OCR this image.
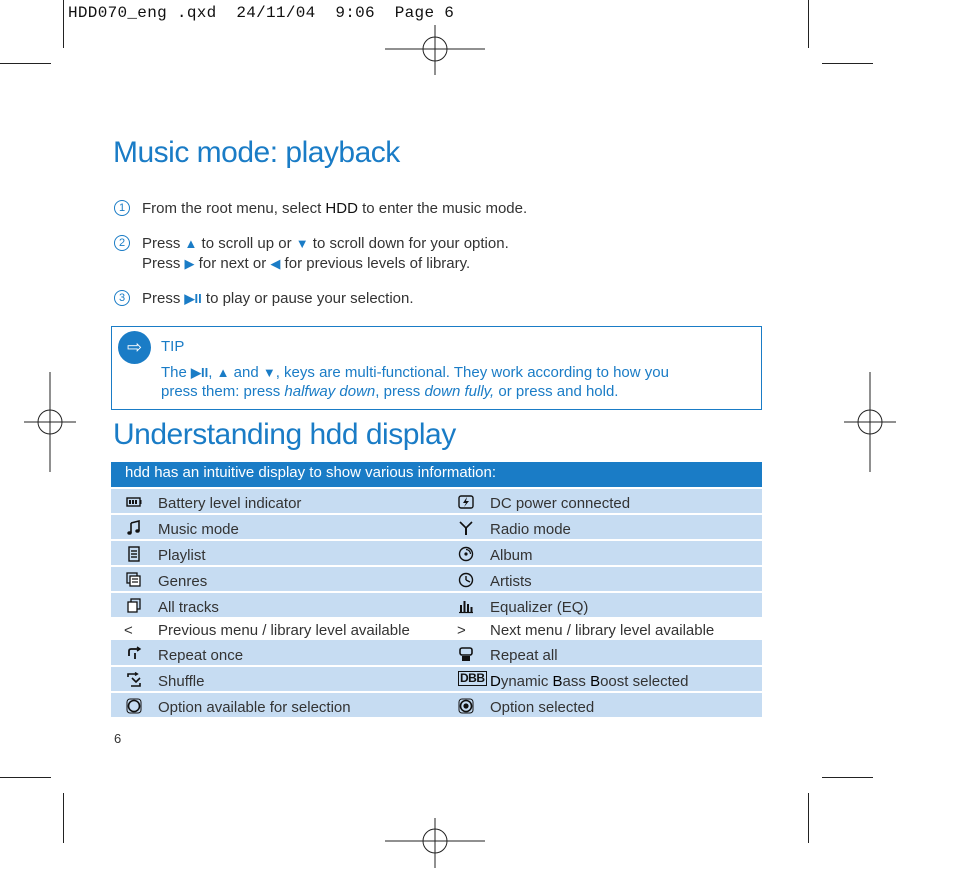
HDD070_eng .qxd  24/11/04  9:06  Page 6
Music mode: playback
1 From the root menu, select HDD to enter the music mode.
2 Press ▲ to scroll up or ▼ to scroll down for your option.
Press ▶ for next or ◀ for previous levels of library.
3 Press ▶II to play or pause your selection.
⇨	TIP
The ▶II, ▲ and ▼, keys are multi-functional. They work according to how you
press them: press halfway down, press down fully, or press and hold.
Understanding hdd display
hdd has an intuitive display to show various information:
Battery level indicator	DC power connected
Music mode	Radio mode
Playlist	Album
Genres	Artists
All tracks	Equalizer (EQ)
< Previous menu / library level available	> Next menu / library level available
Repeat once	Repeat all
Shuffle	DBB Dynamic Bass Boost selected
Option available for selection	Option selected
6
